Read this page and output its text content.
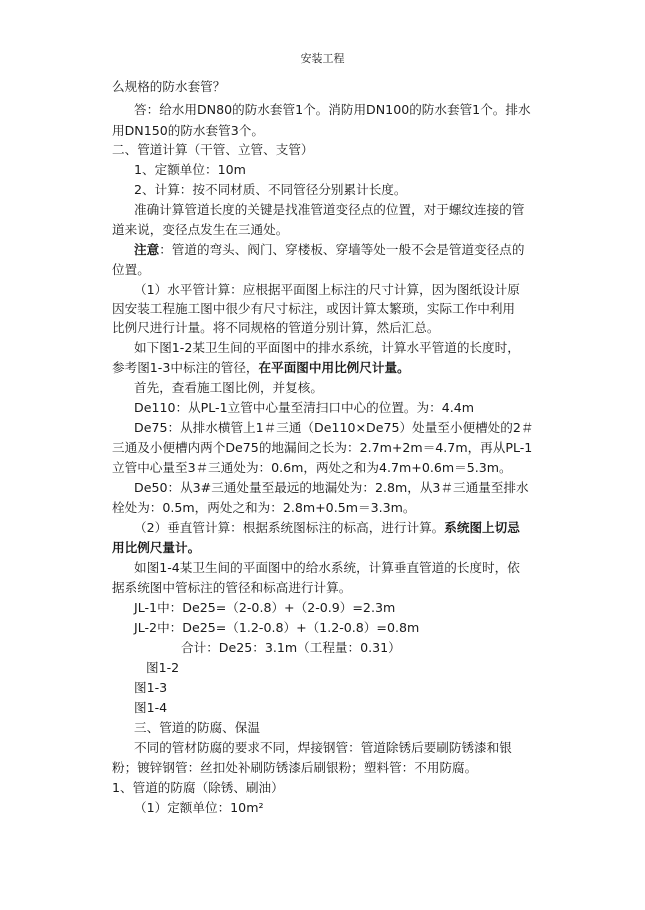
安装工程
么规格的防水套管？
答：给水用DN80的防水套管1个。消防用DN100的防水套管1个。排水
用DN150的防水套管3个。
二、管道计算（干管、立管、支管）
1、定额单位：10m
2、计算：按不同材质、不同管径分别累计长度。
准确计算管道长度的关键是找准管道变径点的位置，对于螺纹连接的管
道来说，变径点发生在三通处。
注意：管道的弯头、阀门、穿楼板、穿墙等处一般不会是管道变径点的
位置。
（1）水平管计算：应根据平面图上标注的尺寸计算，因为图纸设计原
因安装工程施工图中很少有尺寸标注，或因计算太繁琐，实际工作中利用
比例尺进行计量。将不同规格的管道分别计算，然后汇总。
如下图1-2某卫生间的平面图中的排水系统，计算水平管道的长度时，
参考图1-3中标注的管径，在平面图中用比例尺计量。
首先，查看施工图比例，并复核。
De110：从PL-1立管中心量至清扫口中心的位置。为：4.4m
De75：从排水横管上1＃三通（De110×De75）处量至小便槽处的2＃
三通及小便槽内两个De75的地漏间之长为：2.7m+2m＝4.7m，再从PL-1
立管中心量至3＃三通处为：0.6m，两处之和为4.7m+0.6m＝5.3m。
De50：从3#三通处量至最远的地漏处为：2.8m，从3＃三通量至排水
栓处为：0.5m，两处之和为：2.8m+0.5m＝3.3m。
（2）垂直管计算：根据系统图标注的标高，进行计算。系统图上切忌
用比例尺量计。
如图1-4某卫生间的平面图中的给水系统，计算垂直管道的长度时，依
据系统图中管标注的管径和标高进行计算。
JL-1中：De25=（2-0.8）+（2-0.9）=2.3m
JL-2中：De25=（1.2-0.8）+（1.2-0.8）=0.8m
合计：De25：3.1m（工程量：0.31）
图1-2
图1-3
图1-4
三、管道的防腐、保温
不同的管材防腐的要求不同，焊接钢管：管道除锈后要刷防锈漆和银
粉；镀锌钢管：丝扣处补刷防锈漆后刷银粉；塑料管：不用防腐。
1、管道的防腐（除锈、刷油）
（1）定额单位：10m²
